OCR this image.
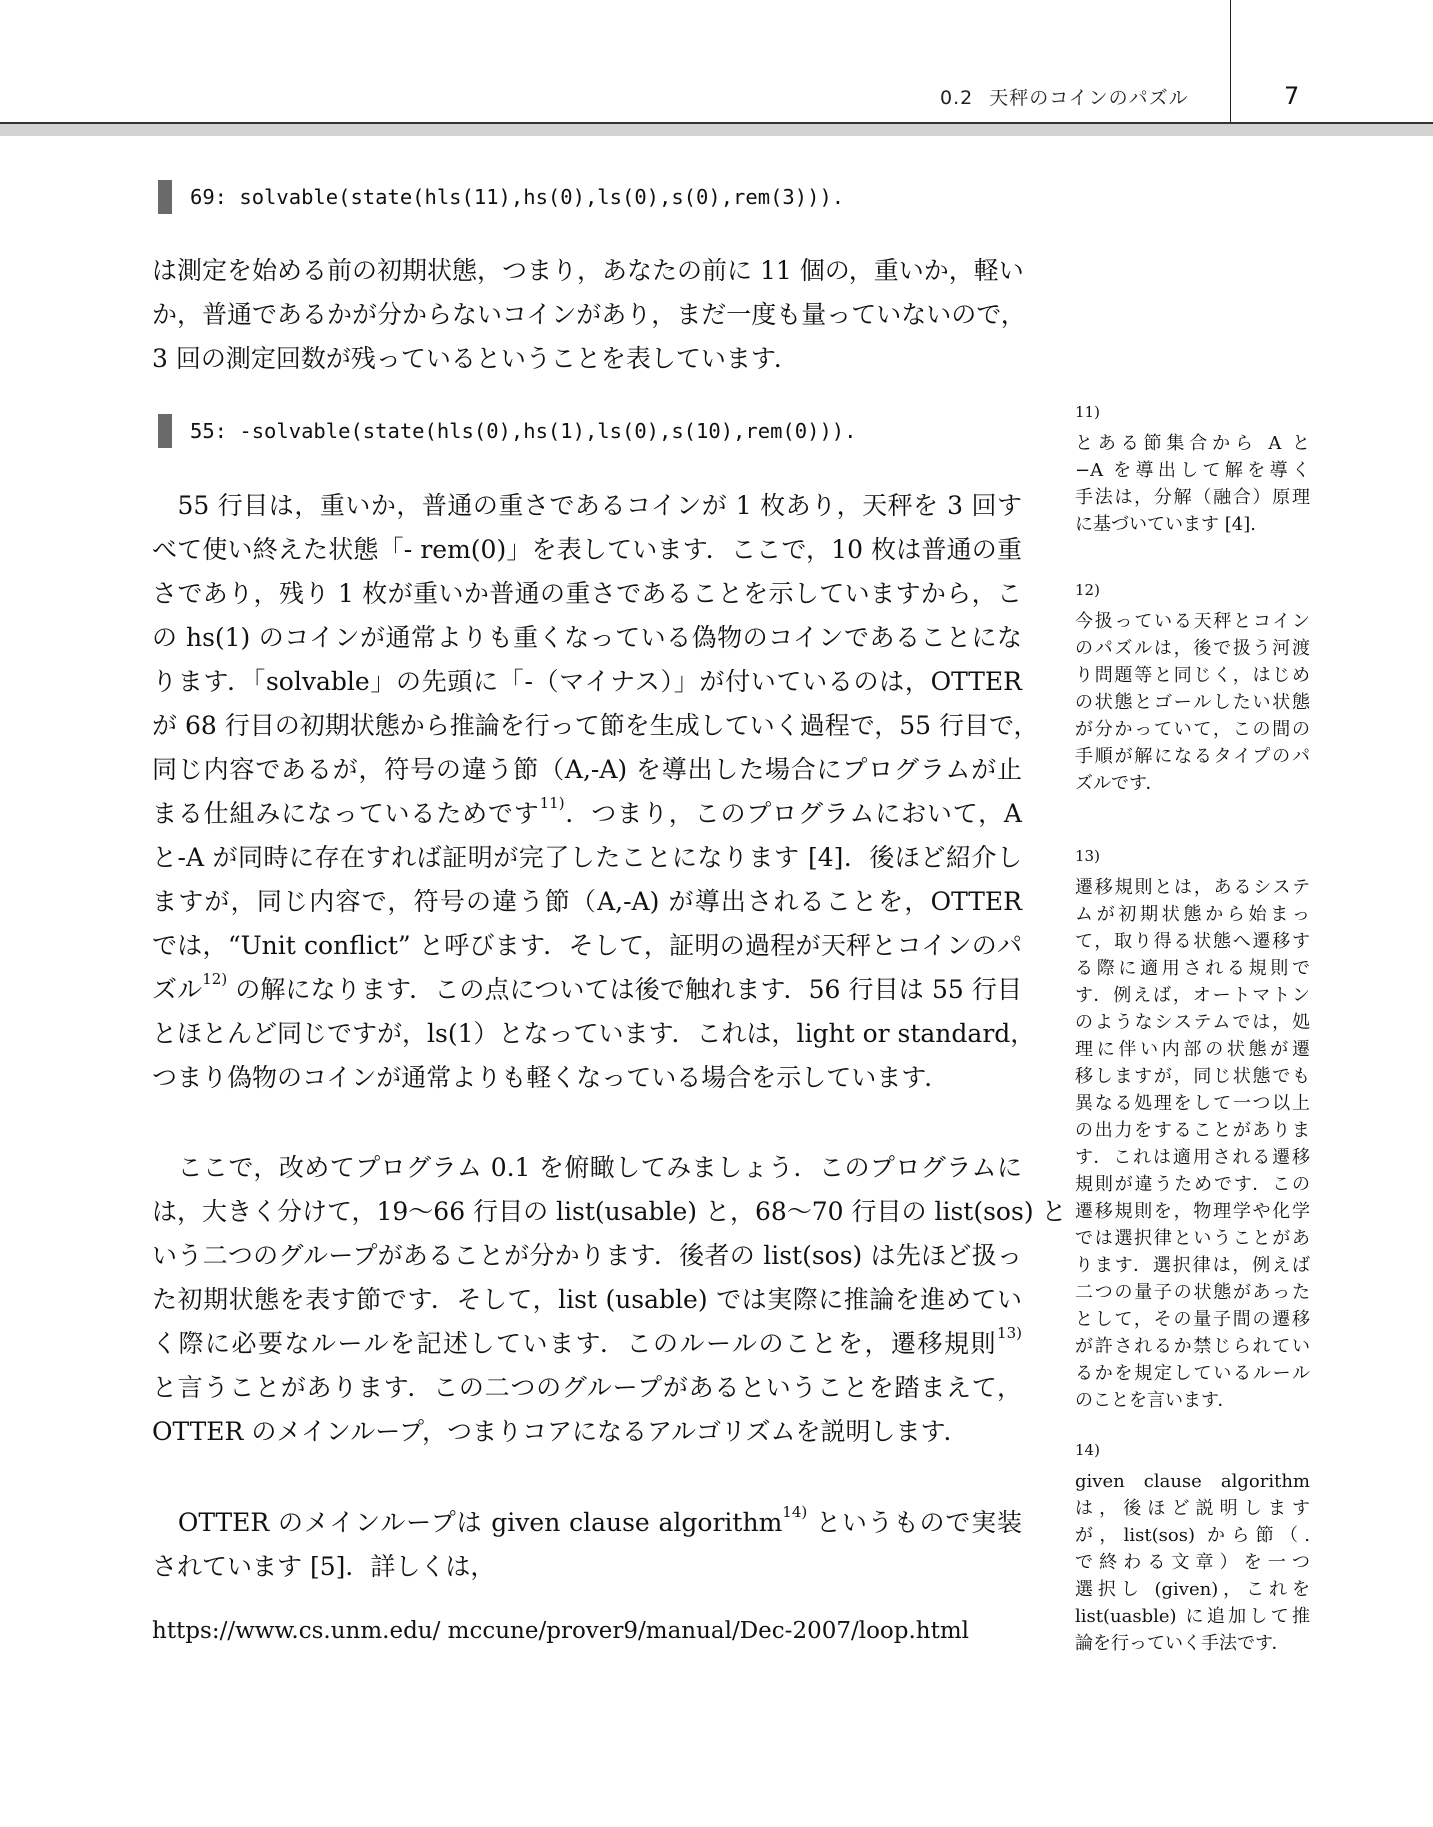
0.2 天秤のコインのパズル	7
69: solvable(state(hls(11),hs(0),ls(0),s(0),rem(3))).
は測定を始める前の初期状態，つまり，あなたの前に 11 個の，重いか，軽い
か，普通であるかが分からないコインがあり，まだ一度も量っていないので，
3 回の測定回数が残っているということを表しています．
55: -solvable(state(hls(0),hs(1),ls(0),s(10),rem(0))).
　55 行目は，重いか，普通の重さであるコインが 1 枚あり，天秤を 3 回す
べて使い終えた状態「- rem(0)」を表しています．ここで，10 枚は普通の重
さであり，残り 1 枚が重いか普通の重さであることを示していますから，こ
の hs(1) のコインが通常よりも重くなっている偽物のコインであることにな
ります．「solvable」の先頭に「-（マイナス）」が付いているのは，OTTER
が 68 行目の初期状態から推論を行って節を生成していく過程で，55 行目で，
同じ内容であるが，符号の違う節（A,-A) を導出した場合にプログラムが止
まる仕組みになっているためです$^{11)}$．つまり，このプログラムにおいて，A
と-A が同時に存在すれば証明が完了したことになります [4]．後ほど紹介し
ますが，同じ内容で，符号の違う節（A,-A) が導出されることを，OTTER
では，“Unit conflict” と呼びます．そして，証明の過程が天秤とコインのパ
ズル$^{12)}$ の解になります．この点については後で触れます．56 行目は 55 行目
とほとんど同じですが，ls(1）となっています．これは，light or standard，
つまり偽物のコインが通常よりも軽くなっている場合を示しています．
　ここで，改めてプログラム 0.1 を俯瞰してみましょう．このプログラムに
は，大きく分けて，19〜66 行目の list(usable) と，68〜70 行目の list(sos) と
いう二つのグループがあることが分かります．後者の list(sos) は先ほど扱っ
た初期状態を表す節です．そして，list (usable) では実際に推論を進めてい
く際に必要なルールを記述しています．このルールのことを，遷移規則$^{13)}$
と言うことがあります．この二つのグループがあるということを踏まえて，
OTTER のメインループ，つまりコアになるアルゴリズムを説明します．
　OTTER のメインループは given clause algorithm$^{14)}$ というもので実装
されています [5]．詳しくは，
https://www.cs.unm.edu/ mccune/prover9/manual/Dec-2007/loop.html
11)
とある節集合から A と
−A を導出して解を導く
手法は，分解（融合）原理
に基づいています [4].
12)
今扱っている天秤とコイン
のパズルは，後で扱う河渡
り問題等と同じく，はじめ
の状態とゴールしたい状態
が分かっていて，この間の
手順が解になるタイプのパ
ズルです．
13)
遷移規則とは，あるシステ
ムが初期状態から始まっ
て，取り得る状態へ遷移す
る際に適用される規則で
す．例えば，オートマトン
のようなシステムでは，処
理に伴い内部の状態が遷
移しますが，同じ状態でも
異なる処理をして一つ以上
の出力をすることがありま
す．これは適用される遷移
規則が違うためです．この
遷移規則を，物理学や化学
では選択律ということがあ
ります．選択律は，例えば
二つの量子の状態があった
として，その量子間の遷移
が許されるか禁じられてい
るかを規定しているルール
のことを言います．
14)
given clause algorithm
は，後ほど説明します
が，list(sos) から節（.
で終わる文章）を一つ
選択し (given)，これを
list(uasble) に追加して推
論を行っていく手法です．
